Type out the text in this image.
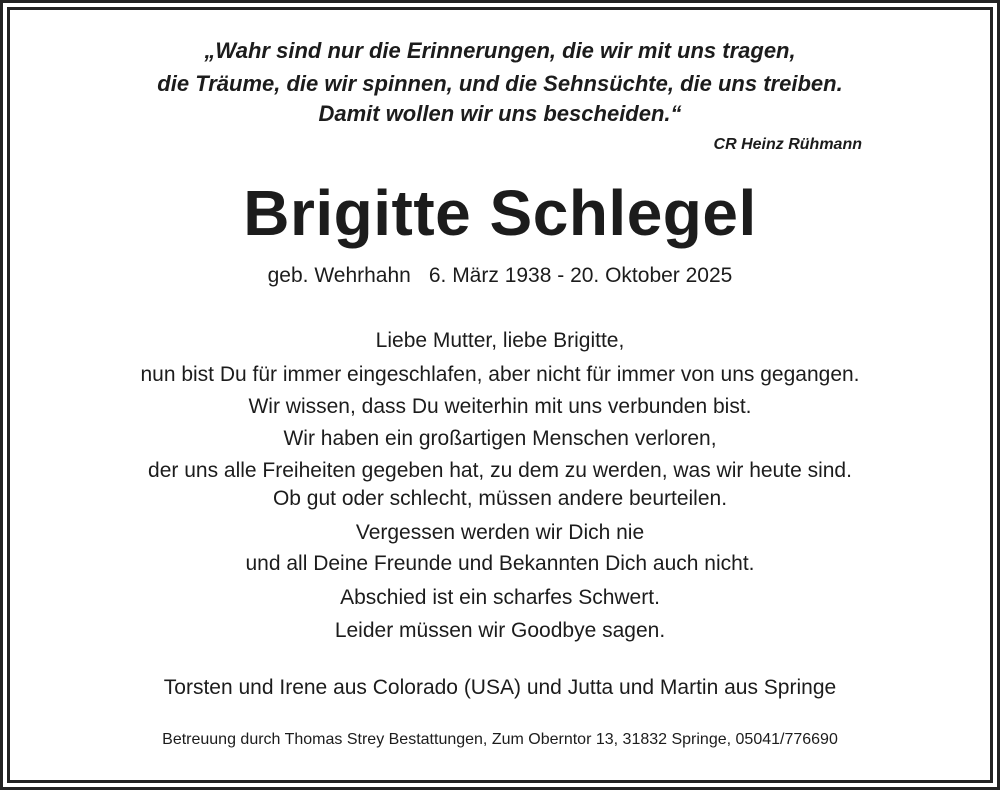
„Wahr sind nur die Erinnerungen, die wir mit uns tragen,
die Träume, die wir spinnen, und die Sehnsüchte, die uns treiben.
Damit wollen wir uns bescheiden.“
CR Heinz Rühmann
Brigitte Schlegel
geb. Wehrhahn 6. März 1938 - 20. Oktober 2025
Liebe Mutter, liebe Brigitte,
nun bist Du für immer eingeschlafen, aber nicht für immer von uns gegangen.
Wir wissen, dass Du weiterhin mit uns verbunden bist.
Wir haben ein großartigen Menschen verloren,
der uns alle Freiheiten gegeben hat, zu dem zu werden, was wir heute sind.
Ob gut oder schlecht, müssen andere beurteilen.
Vergessen werden wir Dich nie
und all Deine Freunde und Bekannten Dich auch nicht.
Abschied ist ein scharfes Schwert.
Leider müssen wir Goodbye sagen.
Torsten und Irene aus Colorado (USA) und Jutta und Martin aus Springe
Betreuung durch Thomas Strey Bestattungen, Zum Oberntor 13, 31832 Springe, 05041/776690
